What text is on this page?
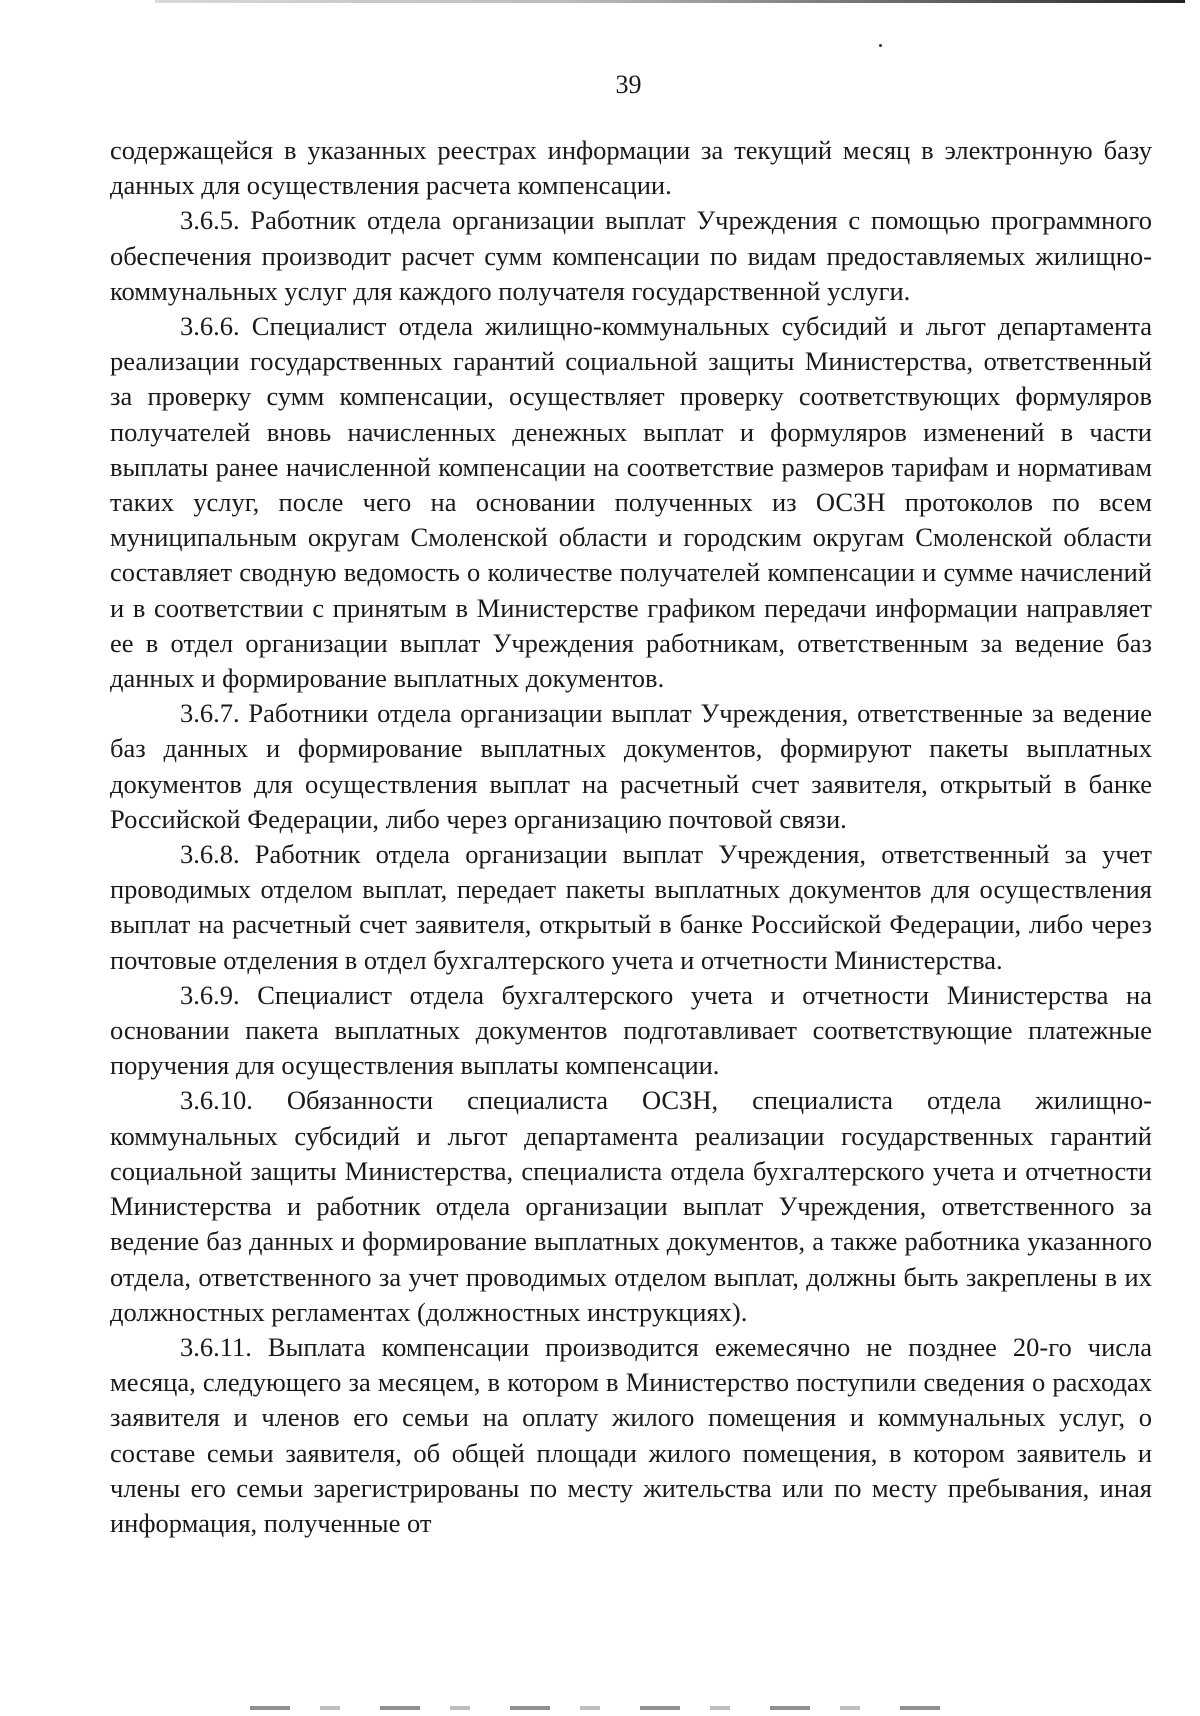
39

содержащейся в указанных реестрах информации за текущий месяц в электронную базу данных для осуществления расчета компенсации.

3.6.5. Работник отдела организации выплат Учреждения с помощью программного обеспечения производит расчет сумм компенсации по видам предоставляемых жилищно-коммунальных услуг для каждого получателя государственной услуги.

3.6.6. Специалист отдела жилищно-коммунальных субсидий и льгот департамента реализации государственных гарантий социальной защиты Министерства, ответственный за проверку сумм компенсации, осуществляет проверку соответствующих формуляров получателей вновь начисленных денежных выплат и формуляров изменений в части выплаты ранее начисленной компенсации на соответствие размеров тарифам и нормативам таких услуг, после чего на основании полученных из ОСЗН протоколов по всем муниципальным округам Смоленской области и городским округам Смоленской области составляет сводную ведомость о количестве получателей компенсации и сумме начислений и в соответствии с принятым в Министерстве графиком передачи информации направляет ее в отдел организации выплат Учреждения работникам, ответственным за ведение баз данных и формирование выплатных документов.

3.6.7. Работники отдела организации выплат Учреждения, ответственные за ведение баз данных и формирование выплатных документов, формируют пакеты выплатных документов для осуществления выплат на расчетный счет заявителя, открытый в банке Российской Федерации, либо через организацию почтовой связи.

3.6.8. Работник отдела организации выплат Учреждения, ответственный за учет проводимых отделом выплат, передает пакеты выплатных документов для осуществления выплат на расчетный счет заявителя, открытый в банке Российской Федерации, либо через почтовые отделения в отдел бухгалтерского учета и отчетности Министерства.

3.6.9. Специалист отдела бухгалтерского учета и отчетности Министерства на основании пакета выплатных документов подготавливает соответствующие платежные поручения для осуществления выплаты компенсации.

3.6.10. Обязанности специалиста ОСЗН, специалиста отдела жилищно-коммунальных субсидий и льгот департамента реализации государственных гарантий социальной защиты Министерства, специалиста отдела бухгалтерского учета и отчетности Министерства и работник отдела организации выплат Учреждения, ответственного за ведение баз данных и формирование выплатных документов, а также работника указанного отдела, ответственного за учет проводимых отделом выплат, должны быть закреплены в их должностных регламентах (должностных инструкциях).

3.6.11. Выплата компенсации производится ежемесячно не позднее 20-го числа месяца, следующего за месяцем, в котором в Министерство поступили сведения о расходах заявителя и членов его семьи на оплату жилого помещения и коммунальных услуг, о составе семьи заявителя, об общей площади жилого помещения, в котором заявитель и члены его семьи зарегистрированы по месту жительства или по месту пребывания, иная информация, полученные от
